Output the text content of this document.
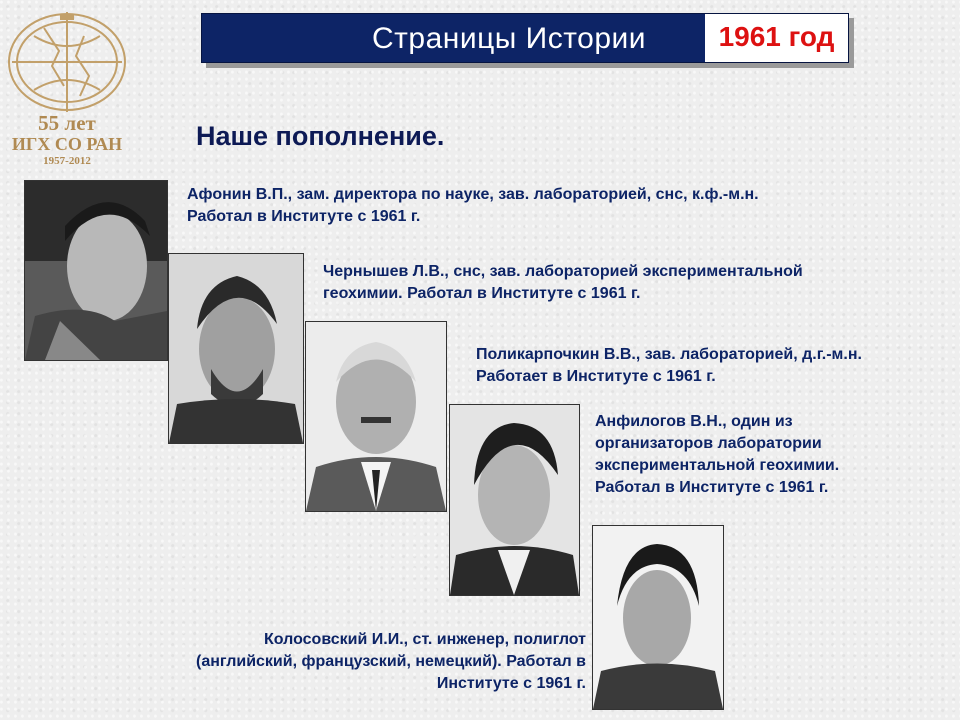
55 лет
ИГХ СО РАН
1957-2012
Страницы Истории	1961 год
Наше пополнение.
Афонин В.П., зам. директора по науке, зав. лабораторией, снс, к.ф.-м.н.
Работал в Институте с 1961 г.
Чернышев Л.В., снс, зав. лабораторией экспериментальной
геохимии. Работал в Институте с 1961 г.
Поликарпочкин В.В., зав. лабораторией, д.г.-м.н.
Работает в Институте с 1961 г.
Анфилогов В.Н., один из
организаторов лаборатории
экспериментальной геохимии.
Работал в Институте с 1961 г.
Колосовский И.И., ст. инженер, полиглот
(английский, французский, немецкий). Работал в
Институте с 1961 г.
